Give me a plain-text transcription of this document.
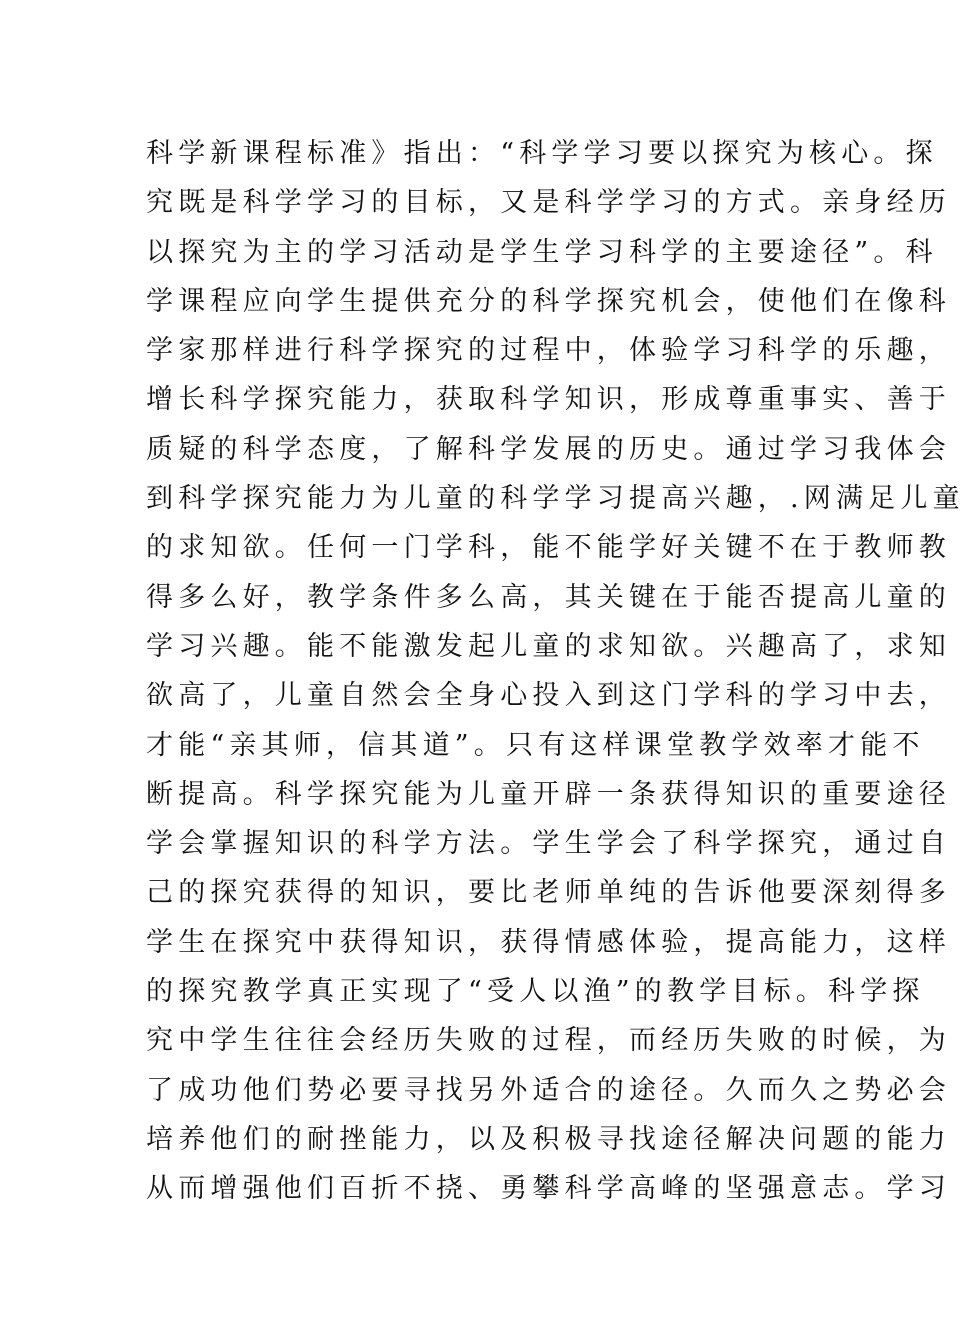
科学新课程标准》指出：“科学学习要以探究为核心。探
究既是科学学习的目标，又是科学学习的方式。亲身经历
以探究为主的学习活动是学生学习科学的主要途径”。科
学课程应向学生提供充分的科学探究机会，使他们在像科
学家那样进行科学探究的过程中，体验学习科学的乐趣，
增长科学探究能力，获取科学知识，形成尊重事实、善于
质疑的科学态度，了解科学发展的历史。通过学习我体会
到科学探究能力为儿童的科学学习提高兴趣，.网满足儿童
的求知欲。任何一门学科，能不能学好关键不在于教师教
得多么好，教学条件多么高，其关键在于能否提高儿童的
学习兴趣。能不能激发起儿童的求知欲。兴趣高了，求知
欲高了，儿童自然会全身心投入到这门学科的学习中去，
才能“亲其师，信其道”。只有这样课堂教学效率才能不
断提高。科学探究能为儿童开辟一条获得知识的重要途径
学会掌握知识的科学方法。学生学会了科学探究，通过自
己的探究获得的知识，要比老师单纯的告诉他要深刻得多
学生在探究中获得知识，获得情感体验，提高能力，这样
的探究教学真正实现了“受人以渔”的教学目标。科学探
究中学生往往会经历失败的过程，而经历失败的时候，为
了成功他们势必要寻找另外适合的途径。久而久之势必会
培养他们的耐挫能力，以及积极寻找途径解决问题的能力
从而增强他们百折不挠、勇攀科学高峰的坚强意志。学习
